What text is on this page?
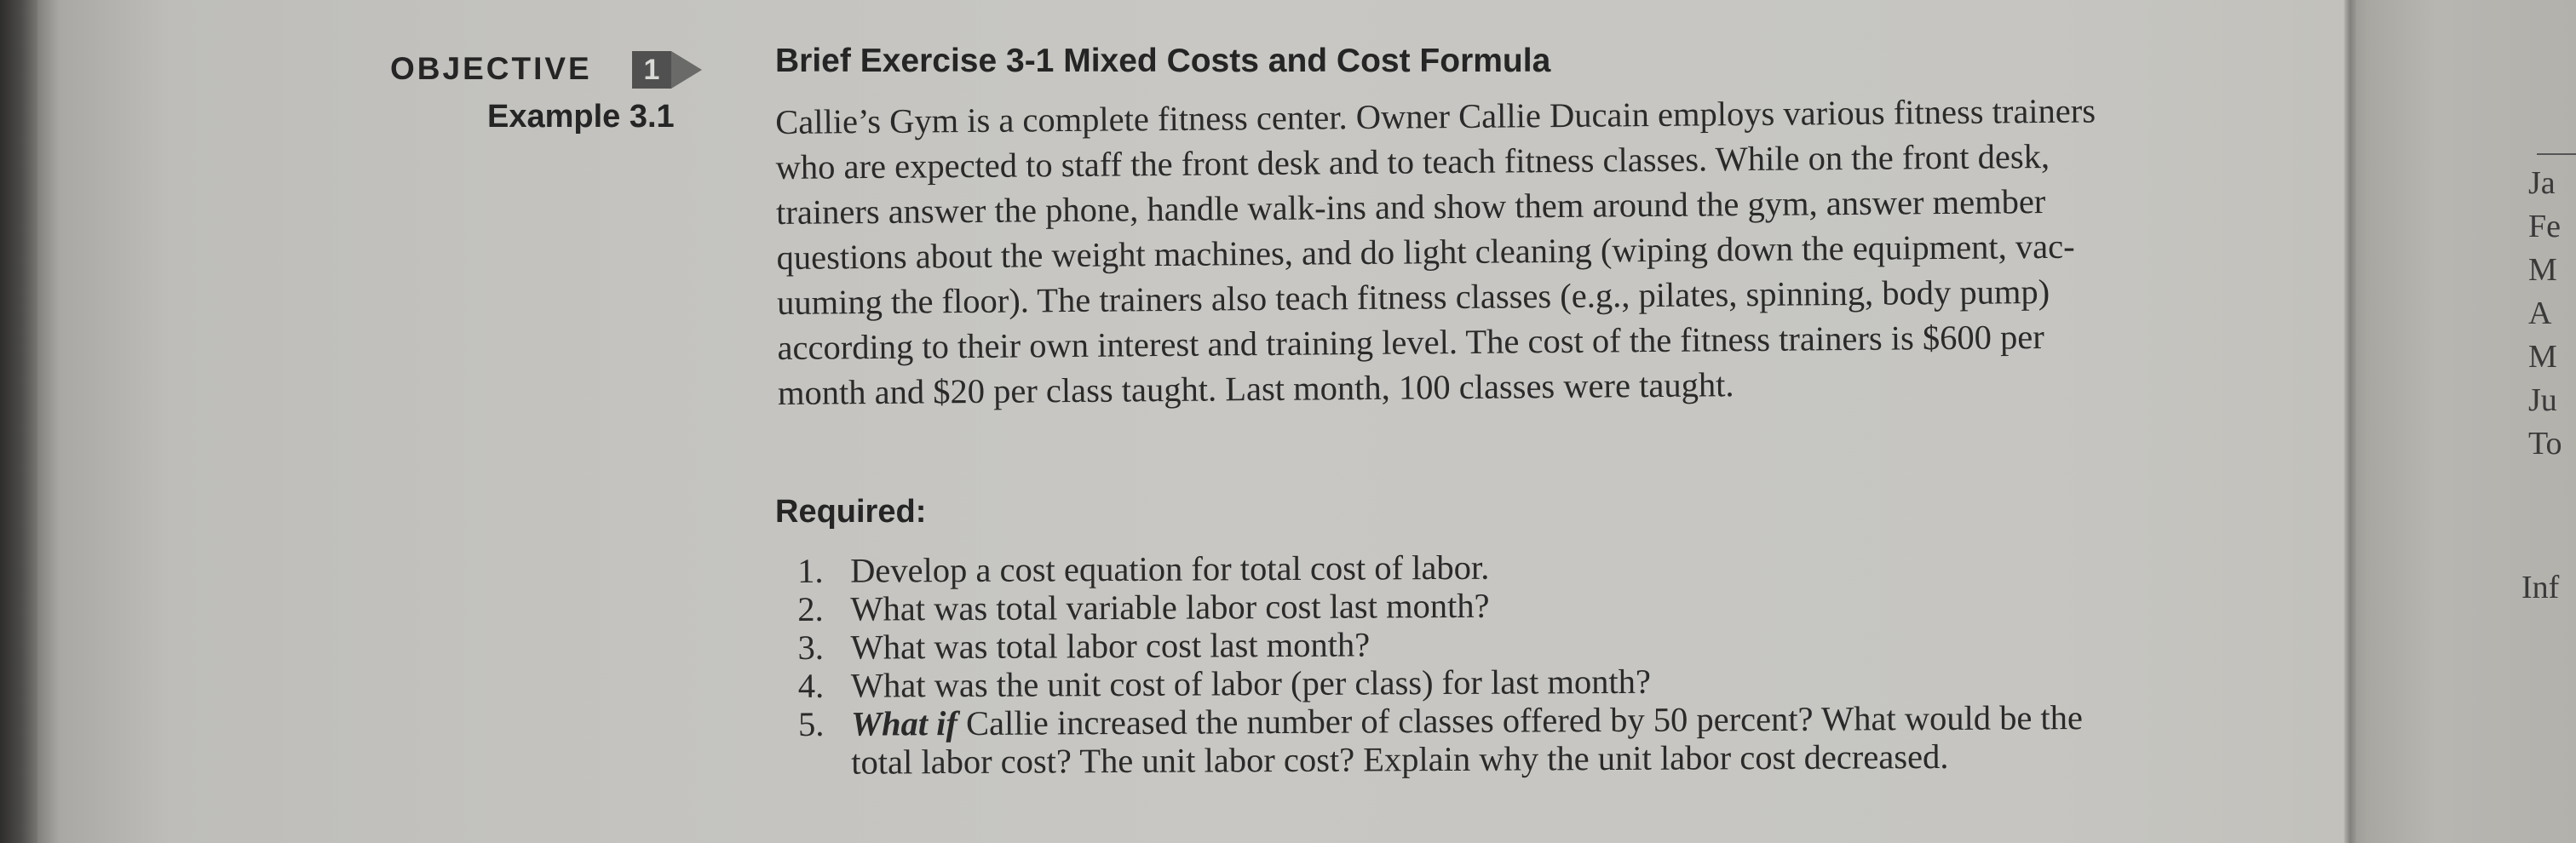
OBJECTIVE	1
Example 3.1
Brief Exercise 3-1 Mixed Costs and Cost Formula
Callie’s Gym is a complete fitness center. Owner Callie Ducain employs various fitness trainers
who are expected to staff the front desk and to teach fitness classes. While on the front desk,
trainers answer the phone, handle walk-ins and show them around the gym, answer member
questions about the weight machines, and do light cleaning (wiping down the equipment, vac-
uuming the floor). The trainers also teach fitness classes (e.g., pilates, spinning, body pump)
according to their own interest and training level. The cost of the fitness trainers is $600 per
month and $20 per class taught. Last month, 100 classes were taught.
Required:
1. Develop a cost equation for total cost of labor.
2. What was total variable labor cost last month?
3. What was total labor cost last month?
4. What was the unit cost of labor (per class) for last month?
5. What if Callie increased the number of classes offered by 50 percent? What would be the
total labor cost? The unit labor cost? Explain why the unit labor cost decreased.
Ja
Fe
M
A
M
Ju
To
Inf
